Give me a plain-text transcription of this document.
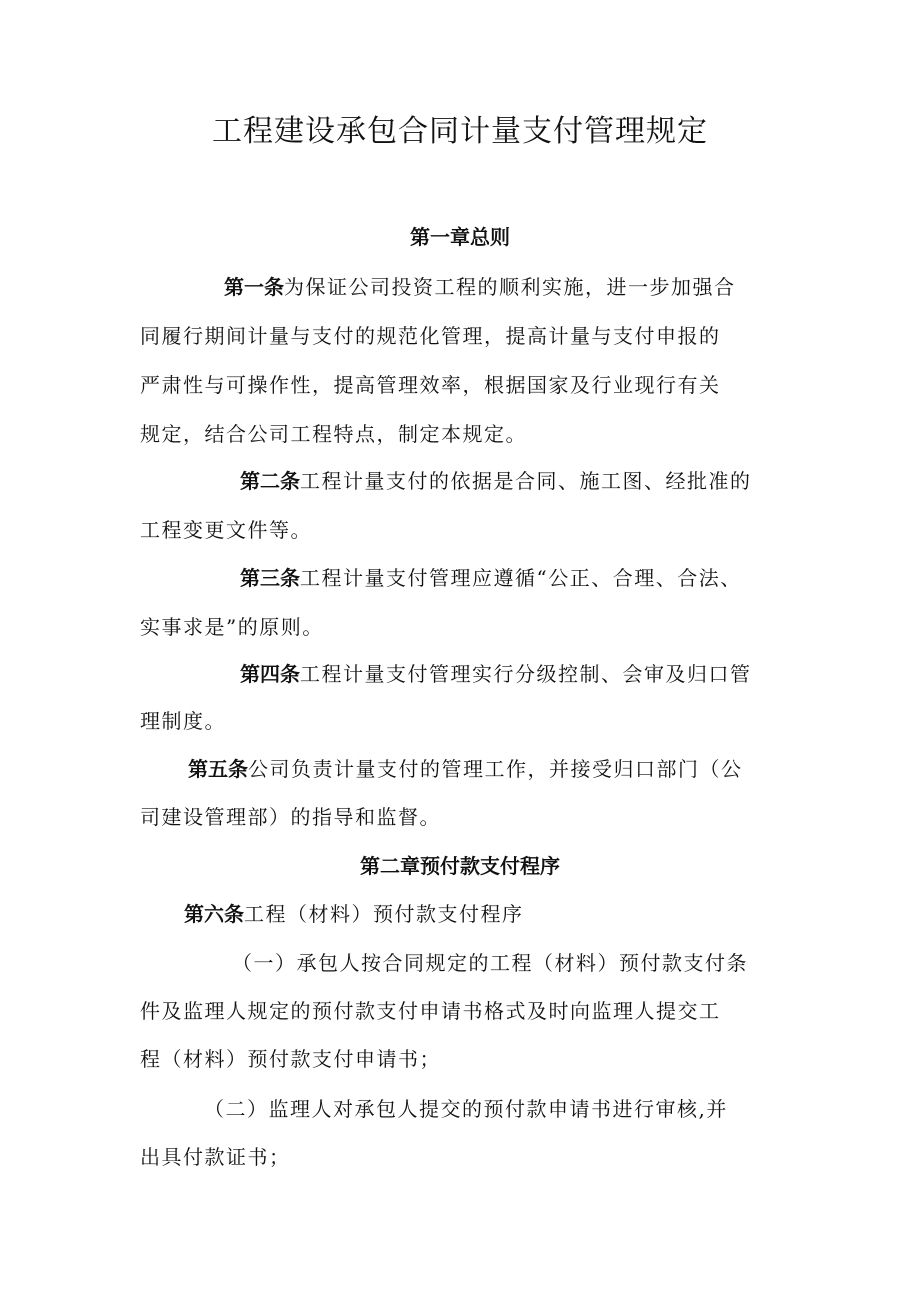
工程建设承包合同计量支付管理规定
第一章总则
第一条为保证公司投资工程的顺利实施，进一步加强合
同履行期间计量与支付的规范化管理，提高计量与支付申报的
严肃性与可操作性，提高管理效率，根据国家及行业现行有关
规定，结合公司工程特点，制定本规定。
第二条工程计量支付的依据是合同、施工图、经批准的
工程变更文件等。
第三条工程计量支付管理应遵循“公正、合理、合法、
实事求是”的原则。
第四条工程计量支付管理实行分级控制、会审及归口管
理制度。
第五条公司负责计量支付的管理工作，并接受归口部门（公
司建设管理部）的指导和监督。
第二章预付款支付程序
第六条工程（材料）预付款支付程序
（一）承包人按合同规定的工程（材料）预付款支付条
件及监理人规定的预付款支付申请书格式及时向监理人提交工
程（材料）预付款支付申请书；
（二）监理人对承包人提交的预付款申请书进行审核,并
出具付款证书；
